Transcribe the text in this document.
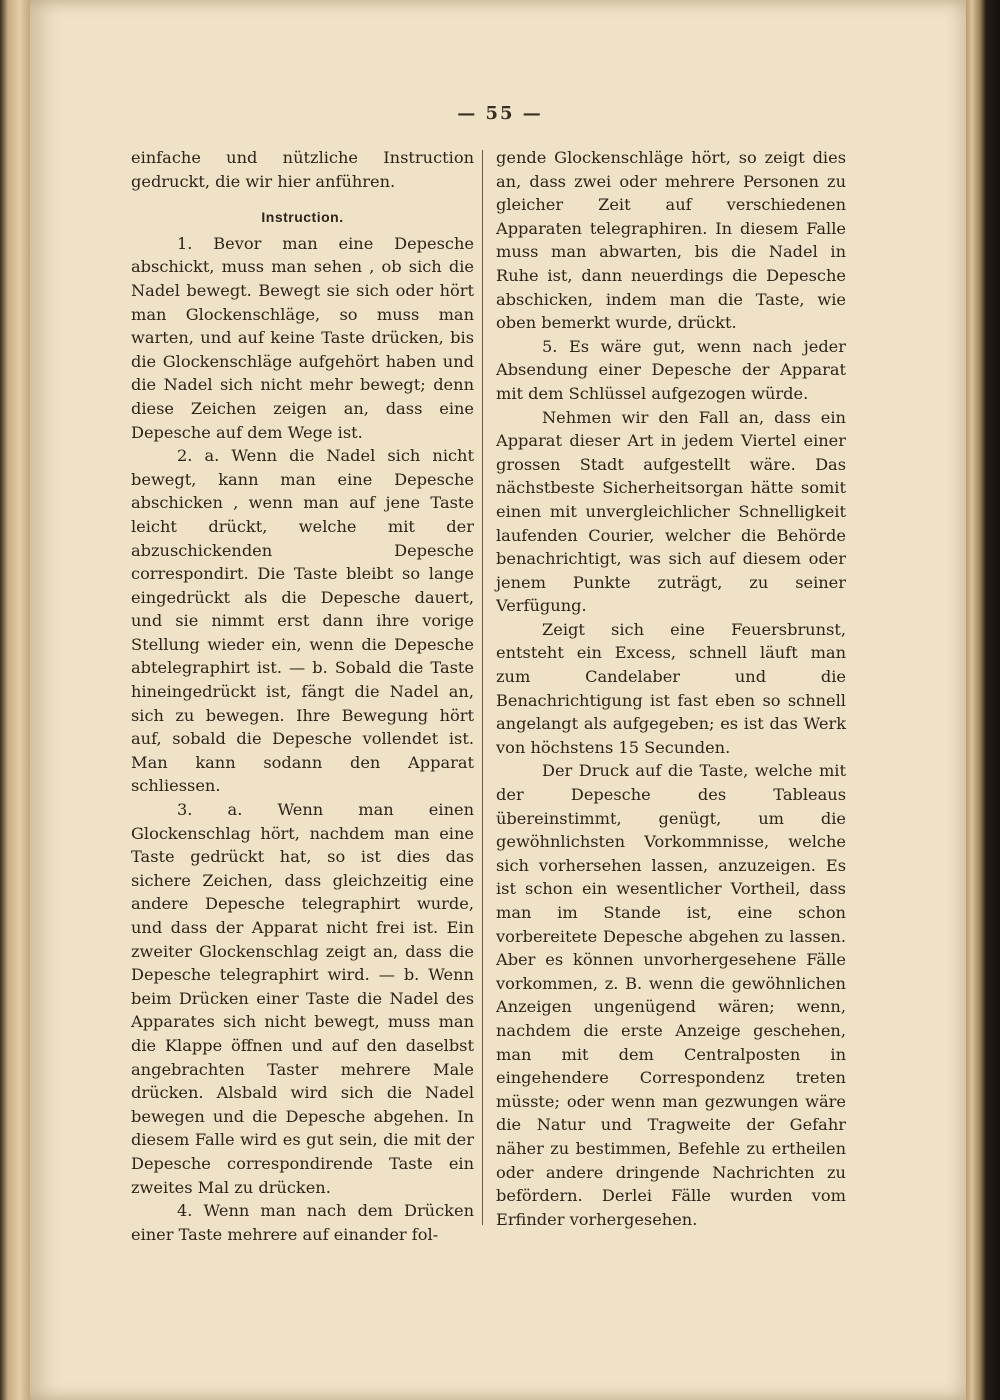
— 55 —

einfache und nützliche Instruction gedruckt, die wir hier anführen.

Instruction.

1. Bevor man eine Depesche abschickt, muss man sehen , ob sich die Nadel bewegt. Bewegt sie sich oder hört man Glockenschläge, so muss man warten, und auf keine Taste drücken, bis die Glockenschläge aufgehört haben und die Nadel sich nicht mehr bewegt; denn diese Zeichen zeigen an, dass eine Depesche auf dem Wege ist.

2. a. Wenn die Nadel sich nicht bewegt, kann man eine Depesche abschicken , wenn man auf jene Taste leicht drückt, welche mit der abzuschickenden Depesche correspondirt. Die Taste bleibt so lange eingedrückt als die Depesche dauert, und sie nimmt erst dann ihre vorige Stellung wieder ein, wenn die Depesche abtelegraphirt ist. — b. Sobald die Taste hineingedrückt ist, fängt die Nadel an, sich zu bewegen. Ihre Bewegung hört auf, sobald die Depesche vollendet ist. Man kann sodann den Apparat schliessen.

3. a. Wenn man einen Glockenschlag hört, nachdem man eine Taste gedrückt hat, so ist dies das sichere Zeichen, dass gleichzeitig eine andere Depesche telegraphirt wurde, und dass der Apparat nicht frei ist. Ein zweiter Glockenschlag zeigt an, dass die Depesche telegraphirt wird. — b. Wenn beim Drücken einer Taste die Nadel des Apparates sich nicht bewegt, muss man die Klappe öffnen und auf den daselbst angebrachten Taster mehrere Male drücken. Alsbald wird sich die Nadel bewegen und die Depesche abgehen. In diesem Falle wird es gut sein, die mit der Depesche correspondirende Taste ein zweites Mal zu drücken.

4. Wenn man nach dem Drücken einer Taste mehrere auf einander fol-

gende Glockenschläge hört, so zeigt dies an, dass zwei oder mehrere Personen zu gleicher Zeit auf verschiedenen Apparaten telegraphiren. In diesem Falle muss man abwarten, bis die Nadel in Ruhe ist, dann neuerdings die Depesche abschicken, indem man die Taste, wie oben bemerkt wurde, drückt.

5. Es wäre gut, wenn nach jeder Absendung einer Depesche der Apparat mit dem Schlüssel aufgezogen würde.

Nehmen wir den Fall an, dass ein Apparat dieser Art in jedem Viertel einer grossen Stadt aufgestellt wäre. Das nächstbeste Sicherheitsorgan hätte somit einen mit unvergleichlicher Schnelligkeit laufenden Courier, welcher die Behörde benachrichtigt, was sich auf diesem oder jenem Punkte zuträgt, zu seiner Verfügung.

Zeigt sich eine Feuersbrunst, entsteht ein Excess, schnell läuft man zum Candelaber und die Benachrichtigung ist fast eben so schnell angelangt als aufgegeben; es ist das Werk von höchstens 15 Secunden.

Der Druck auf die Taste, welche mit der Depesche des Tableaus übereinstimmt, genügt, um die gewöhnlichsten Vorkommnisse, welche sich vorhersehen lassen, anzuzeigen. Es ist schon ein wesentlicher Vortheil, dass man im Stande ist, eine schon vorbereitete Depesche abgehen zu lassen. Aber es können unvorhergesehene Fälle vorkommen, z. B. wenn die gewöhnlichen Anzeigen ungenügend wären; wenn, nachdem die erste Anzeige geschehen, man mit dem Centralposten in eingehendere Correspondenz treten müsste; oder wenn man gezwungen wäre die Natur und Tragweite der Gefahr näher zu bestimmen, Befehle zu ertheilen oder andere dringende Nachrichten zu befördern. Derlei Fälle wurden vom Erfinder vorhergesehen.
